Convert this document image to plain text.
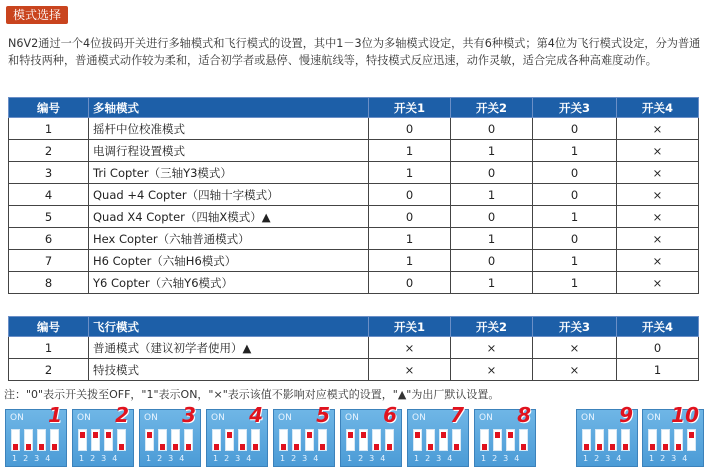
模式选择
N6V2通过一个4位拔码开关进行多轴模式和飞行模式的设置，其中1－3位为多轴模式设定，共有6种模式；第4位为飞行模式设定，分为普通和特技两种，普通模式动作较为柔和，适合初学者或悬停、慢速航线等，特技模式反应迅速，动作灵敏，适合完成各种高难度动作。
编号	多轴模式	开关1	开关2	开关3	开关4
1	摇杆中位校准模式	0	0	0	×
2	电调行程设置模式	1	1	1	×
3	Tri Copter（三轴Y3模式）	1	0	0	×
4	Quad +4 Copter（四轴十字模式）	0	1	0	×
5	Quad X4 Copter（四轴X模式）▲	0	0	1	×
6	Hex Copter（六轴普通模式）	1	1	0	×
7	H6 Copter（六轴H6模式）	1	0	1	×
8	Y6 Copter（六轴Y6模式）	0	1	1	×
编号	飞行模式	开关1	开关2	开关3	开关4
1	普通模式（建议初学者使用）▲	×	×	×	0
2	特技模式	×	×	×	1
注："0"表示开关拨至OFF，"1"表示ON，"×"表示该值不影响对应模式的设置，"▲"为出厂默认设置。
ON 1
1234
ON 2
1234
ON 3
1234
ON 4
1234
ON 5
1234
ON 6
1234
ON 7
1234
ON 8
1234
ON 9
1234
ON 10
1234
